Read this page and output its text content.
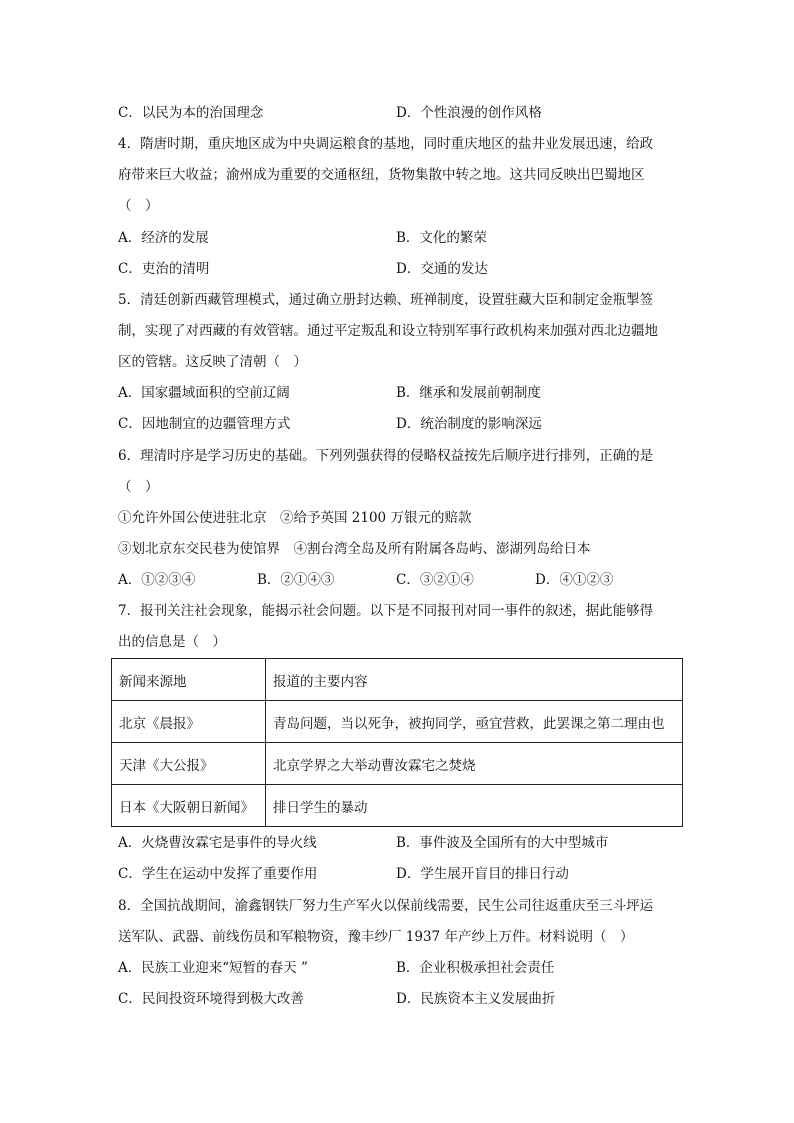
C．以民为本的治国理念	D．个性浪漫的创作风格
4．隋唐时期，重庆地区成为中央调运粮食的基地，同时重庆地区的盐井业发展迅速，给政
府带来巨大收益；渝州成为重要的交通枢纽，货物集散中转之地。这共同反映出巴蜀地区
（　）
A．经济的发展	B．文化的繁荣
C．吏治的清明	D．交通的发达
5．清廷创新西藏管理模式，通过确立册封达赖、班禅制度，设置驻藏大臣和制定金瓶掣签
制，实现了对西藏的有效管辖。通过平定叛乱和设立特别军事行政机构来加强对西北边疆地
区的管辖。这反映了清朝（　）
A．国家疆域面积的空前辽阔	B．继承和发展前朝制度
C．因地制宜的边疆管理方式	D．统治制度的影响深远
6．理清时序是学习历史的基础。下列列强获得的侵略权益按先后顺序进行排列，正确的是
（　）
①允许外国公使进驻北京　②给予英国 2100 万银元的赔款
③划北京东交民巷为使馆界　④割台湾全岛及所有附属各岛屿、澎湖列岛给日本
A．①②③④	B．②①④③	C．③②①④	D．④①②③
7．报刊关注社会现象，能揭示社会问题。以下是不同报刊对同一事件的叙述，据此能够得
出的信息是（　）
新闻来源地	报道的主要内容
北京《晨报》	青岛问题，当以死争，被拘同学，亟宜营救，此罢课之第二理由也
天津《大公报》	北京学界之大举动曹汝霖宅之焚烧
日本《大阪朝日新闻》	排日学生的暴动
A．火烧曹汝霖宅是事件的导火线	B．事件波及全国所有的大中型城市
C．学生在运动中发挥了重要作用	D．学生展开盲目的排日行动
8．全国抗战期间，渝鑫钢铁厂努力生产军火以保前线需要，民生公司往返重庆至三斗坪运
送军队、武器、前线伤员和军粮物资，豫丰纱厂 1937 年产纱上万件。材料说明（　）
A．民族工业迎来“短暂的春天 ”	B．企业积极承担社会责任
C．民间投资环境得到极大改善	D．民族资本主义发展曲折
